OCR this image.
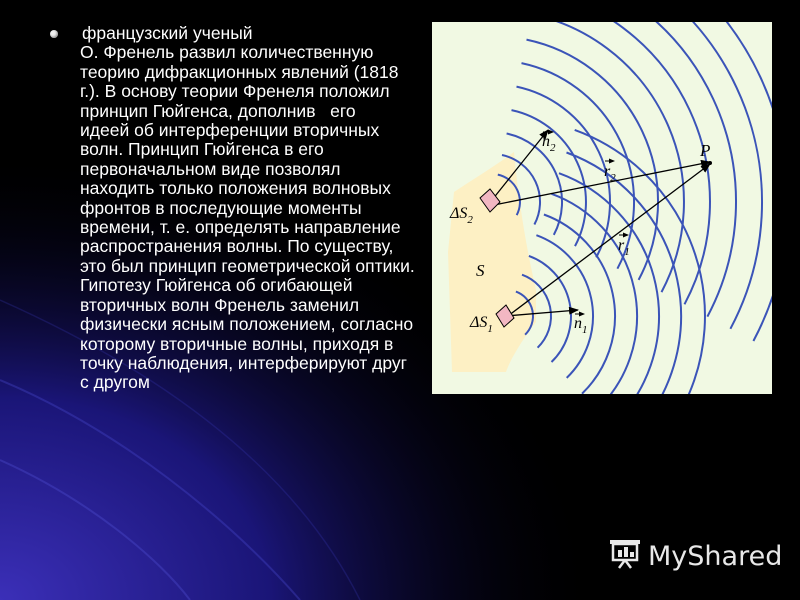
французский ученый
О. Френель развил количественную теорию дифракционных явлений (1818 г.). В основу теории Френеля положил принцип Гюйгенса, дополнив   его   идеей об интерференции вторичных волн. Принцип Гюйгенса в его первоначальном виде позволял находить только положения волновых фронтов в последующие моменты времени, т. е. определять направление распространения волны. По существу, это был принцип геометрической оптики. Гипотезу Гюйгенса об огибающей вторичных волн Френель заменил физически ясным положением, согласно которому вторичные волны, приходя в точку наблюдения, интерферируют друг с другом
P
S
$\Delta S_2$
$\Delta S_1$
$n_2$
$r_2$
$r_1$
$n_1$
MyShared
